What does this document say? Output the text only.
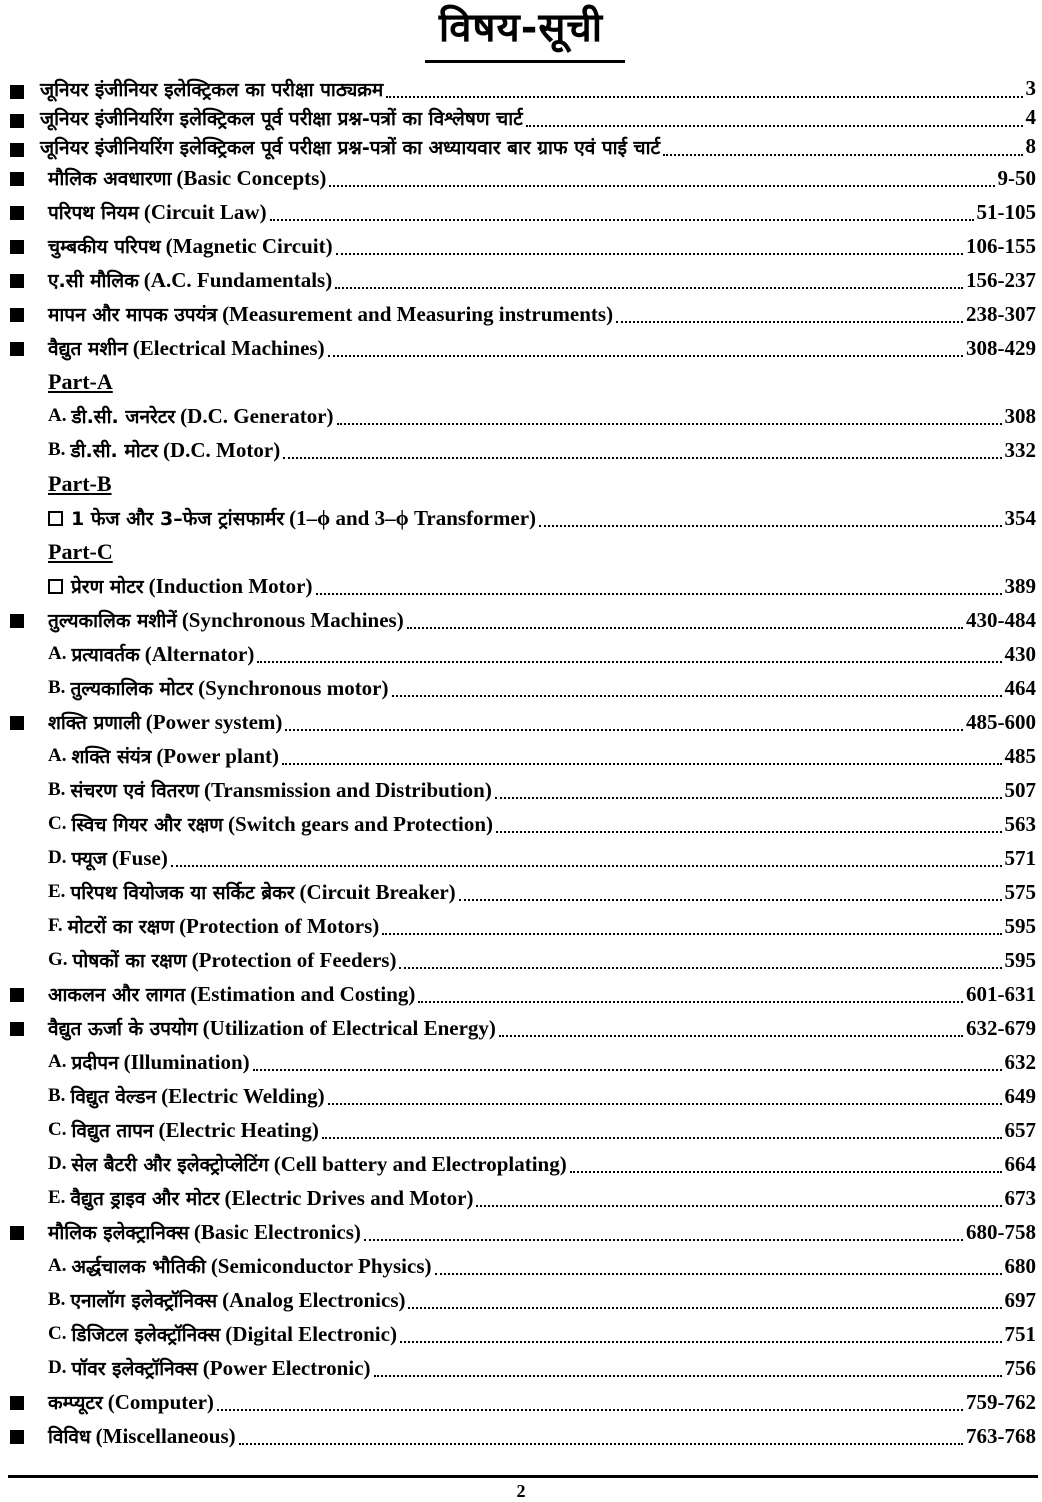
विषय-सूची
जूनियर इंजीनियर इलेक्ट्रिकल का परीक्षा पाठ्यक्रम	3
जूनियर इंजीनियरिंग इलेक्ट्रिकल पूर्व परीक्षा प्रश्न-पत्रों का विश्लेषण चार्ट	4
जूनियर इंजीनियरिंग इलेक्ट्रिकल पूर्व परीक्षा प्रश्न-पत्रों का अध्यायवार बार ग्राफ एवं पाई चार्ट	8
मौलिक अवधारणा (Basic Concepts)	9-50
परिपथ नियम (Circuit Law)	51-105
चुम्बकीय परिपथ (Magnetic Circuit)	106-155
ए.सी मौलिक (A.C. Fundamentals)	156-237
मापन और मापक उपयंत्र (Measurement and Measuring instruments)	238-307
वैद्युत मशीन (Electrical Machines)	308-429
Part-A
A. डी.सी. जनरेटर (D.C. Generator)	308
B. डी.सी. मोटर (D.C. Motor)	332
Part-B
1 फेज और 3–फेज ट्रांसफार्मर (1–ϕ and 3–ϕ Transformer)	354
Part-C
प्रेरण मोटर (Induction Motor)	389
तुल्यकालिक मशीनें (Synchronous Machines)	430-484
A. प्रत्यावर्तक (Alternator)	430
B. तुल्यकालिक मोटर (Synchronous motor)	464
शक्ति प्रणाली (Power system)	485-600
A. शक्ति संयंत्र (Power plant)	485
B. संचरण एवं वितरण (Transmission and Distribution)	507
C. स्विच गियर और रक्षण (Switch gears and Protection)	563
D. फ्यूज (Fuse)	571
E. परिपथ वियोजक या सर्किट ब्रेकर (Circuit Breaker)	575
F. मोटरों का रक्षण (Protection of Motors)	595
G. पोषकों का रक्षण (Protection of Feeders)	595
आकलन और लागत (Estimation and Costing)	601-631
वैद्युत ऊर्जा के उपयोग (Utilization of Electrical Energy)	632-679
A. प्रदीपन (Illumination)	632
B. विद्युत वेल्डन (Electric Welding)	649
C. विद्युत तापन (Electric Heating)	657
D. सेल बैटरी और इलेक्ट्रोप्लेटिंग (Cell battery and Electroplating)	664
E. वैद्युत ड्राइव और मोटर (Electric Drives and Motor)	673
मौलिक इलेक्ट्रानिक्स (Basic Electronics)	680-758
A. अर्द्धचालक भौतिकी (Semiconductor Physics)	680
B. एनालॉग इलेक्ट्रॉनिक्स (Analog Electronics)	697
C. डिजिटल इलेक्ट्रॉनिक्स (Digital Electronic)	751
D. पॉवर इलेक्ट्रॉनिक्स (Power Electronic)	756
कम्प्यूटर (Computer)	759-762
विविध (Miscellaneous)	763-768
2
